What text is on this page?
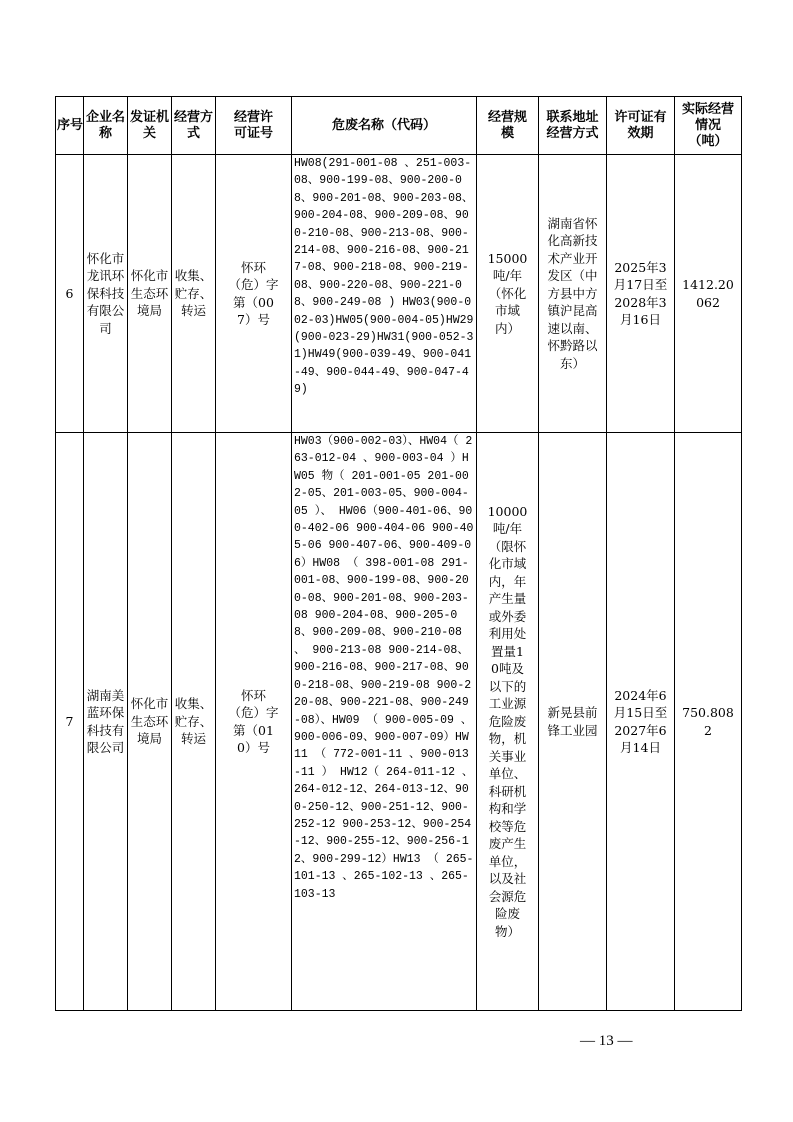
序号	企业名称	发证机关	经营方式	经营许可证号	危废名称（代码）	经营规模	联系地址经营方式	许可证有效期	实际经营情况（吨）
6	怀化市龙讯环保科技有限公司	怀化市生态环境局	收集、贮存、转运	怀环（危）字第（007）号	HW08(291-001-08 、251-003-08、900-199-08、900-200-08、900-201-08、900-203-08、900-204-08、900-209-08、900-210-08、900-213-08、900-214-08、900-216-08、900-217-08、900-218-08、900-219-08、900-220-08、900-221-08、900-249-08 ) HW03(900-002-03)HW05(900-004-05)HW29(900-023-29)HW31(900-052-31)HW49(900-039-49、900-041-49、900-044-49、900-047-49)	15000吨/年（怀化市域内）	湖南省怀化高新技术产业开发区（中方县中方镇沪昆高速以南、怀黔路以东）	2025年3月17日至2028年3月16日	1412.20062
7	湖南美蓝环保科技有限公司	怀化市生态环境局	收集、贮存、转运	怀环（危）字第（010）号	HW03（900-002-03）、HW04（ 263-012-04 、900-003-04 ）HW05 物（ 201-001-05 201-002-05、201-003-05、900-004-05 ）、 HW06（900-401-06、900-402-06 900-404-06 900-405-06 900-407-06、900-409-06）HW08 （ 398-001-08 291-001-08、900-199-08、900-200-08、900-201-08、900-203-08 900-204-08、900-205-08、900-209-08、900-210-08 、 900-213-08 900-214-08、900-216-08、900-217-08、900-218-08、900-219-08 900-220-08、900-221-08、900-249-08）、HW09 （ 900-005-09 、900-006-09、900-007-09）HW11 （ 772-001-11 、900-013-11 ） HW12（ 264-011-12 、264-012-12、264-013-12、900-250-12、900-251-12、900-252-12 900-253-12、900-254-12、900-255-12、900-256-12、900-299-12）HW13 （ 265-101-13 、265-102-13 、265-103-13	10000吨/年（限怀化市域内，年产生量或外委利用处置量10吨及以下的工业源危险废物，机关事业单位、科研机构和学校等危废产生单位，以及社会源危险废物）	新晃县前锋工业园	2024年6月15日至2027年6月14日	750.8082
— 13 —
